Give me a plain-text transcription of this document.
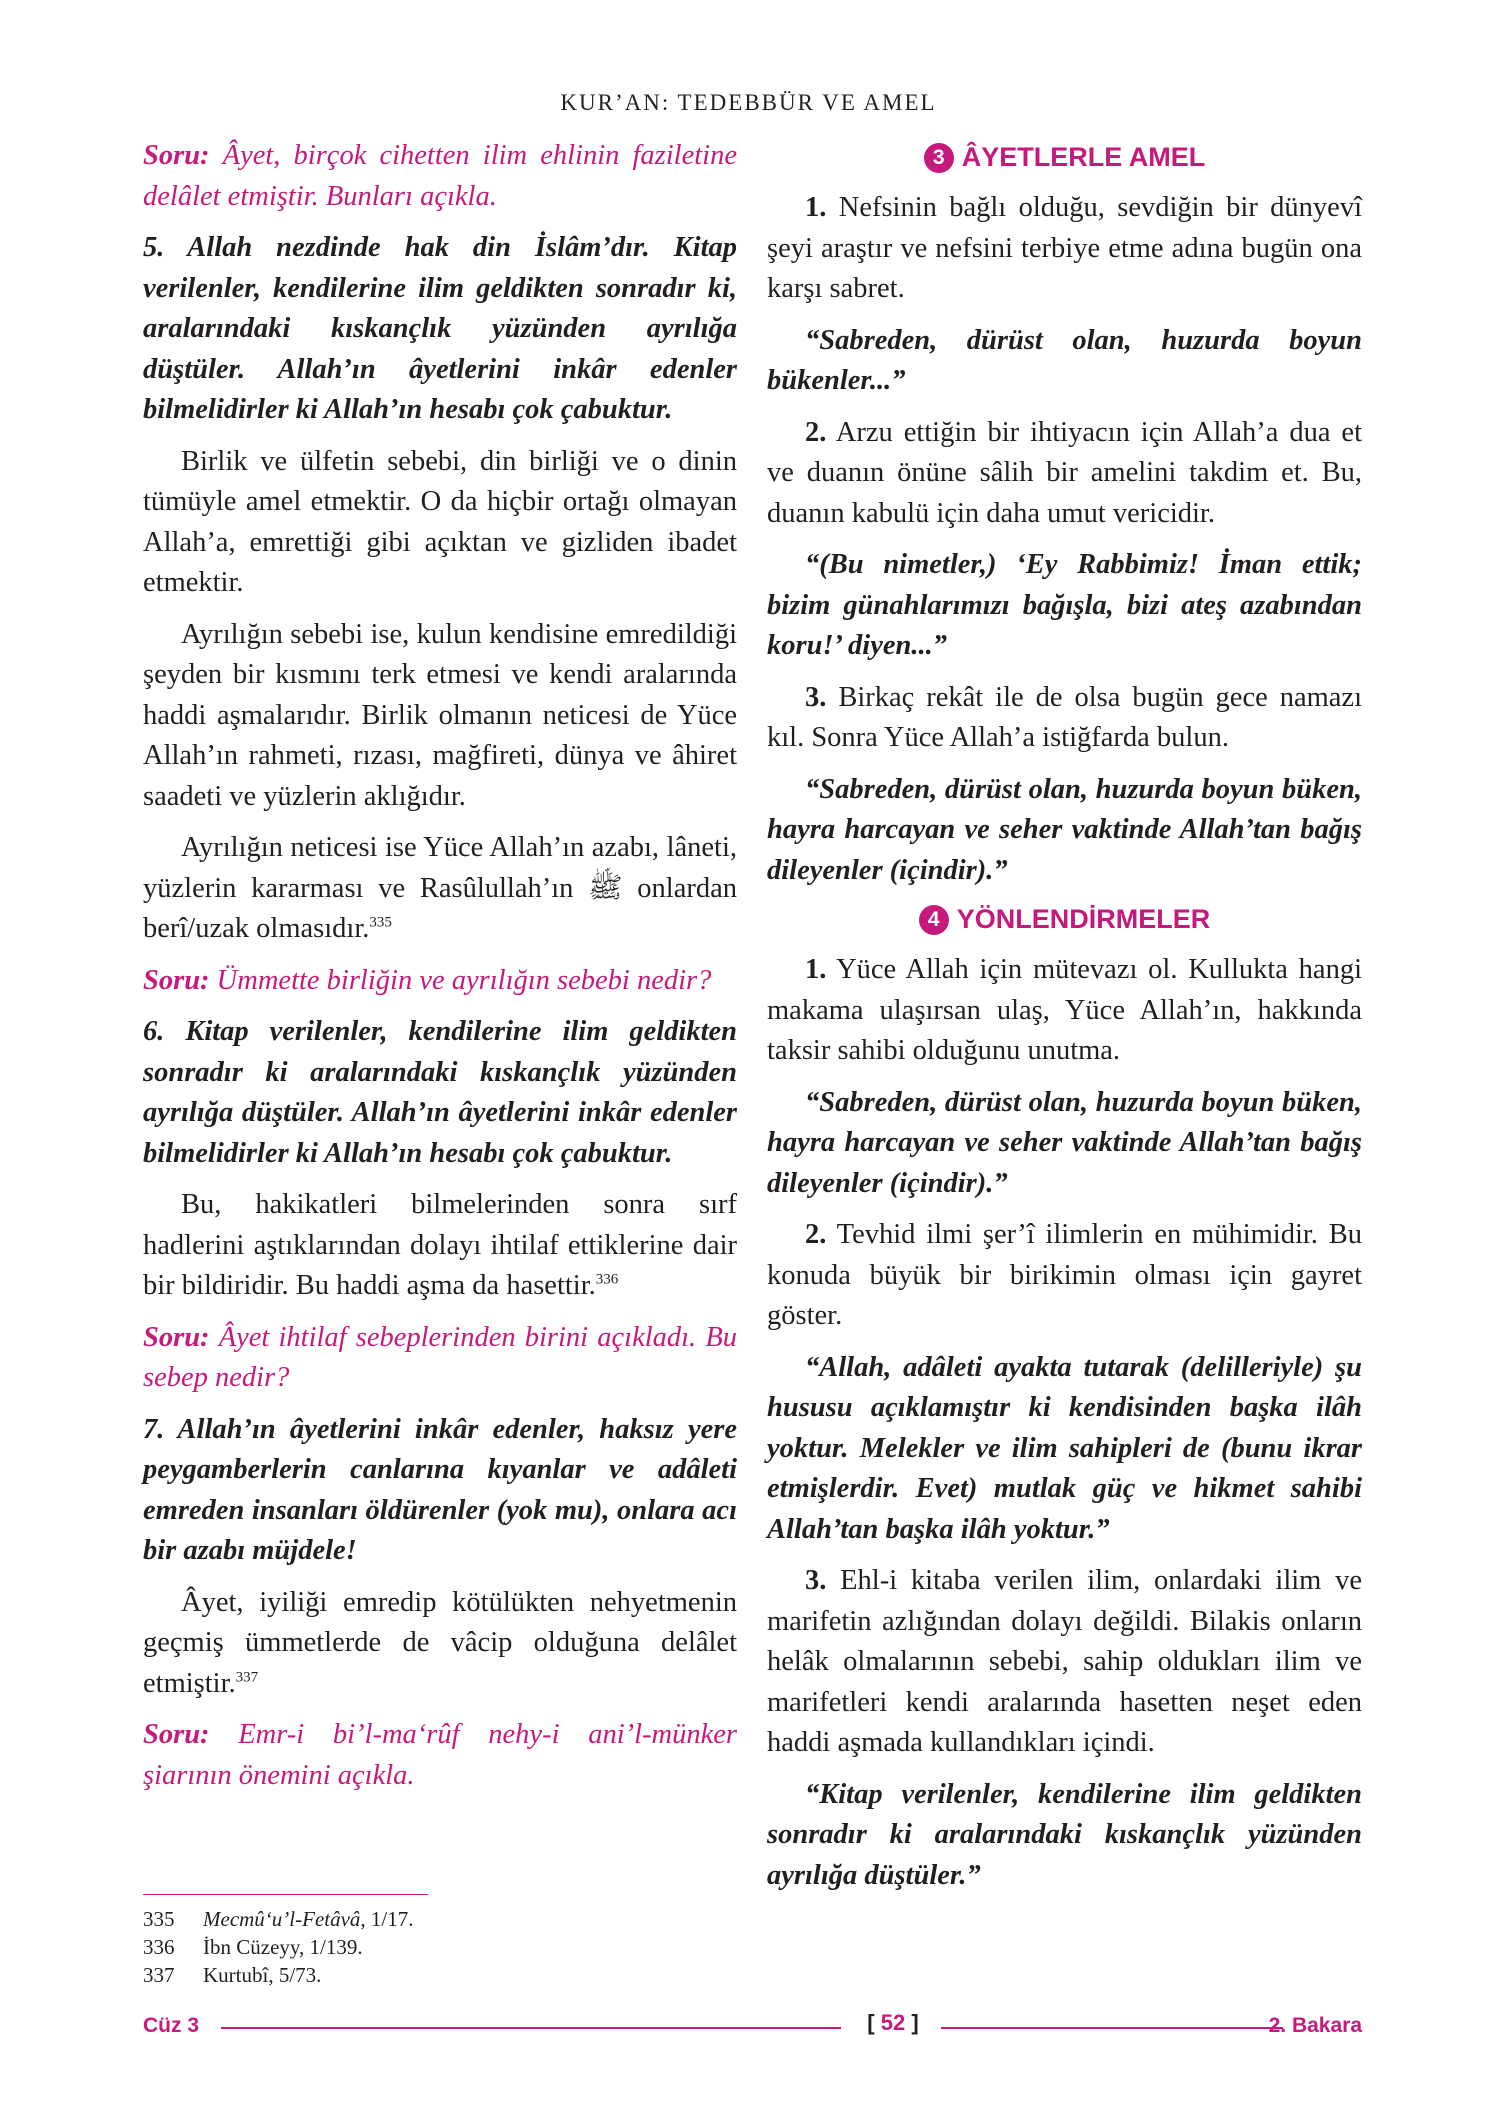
KUR’AN: TEDEBBÜR VE AMEL

Soru: Âyet, birçok cihetten ilim ehlinin faziletine delâlet etmiştir. Bunları açıkla.

5. Allah nezdinde hak din İslâm’dır. Kitap verilenler, kendilerine ilim geldikten sonradır ki, aralarındaki kıskançlık yüzünden ayrılığa düştüler. Allah’ın âyetlerini inkâr edenler bilmelidirler ki Allah’ın hesabı çok çabuktur.

Birlik ve ülfetin sebebi, din birliği ve o dinin tümüyle amel etmektir. O da hiçbir ortağı olmayan Allah’a, emrettiği gibi açıktan ve gizliden ibadet etmektir.

Ayrılığın sebebi ise, kulun kendisine emredildiği şeyden bir kısmını terk etmesi ve kendi aralarında haddi aşmalarıdır. Birlik olmanın neticesi de Yüce Allah’ın rahmeti, rızası, mağfireti, dünya ve âhiret saadeti ve yüzlerin aklığıdır.

Ayrılığın neticesi ise Yüce Allah’ın azabı, lâneti, yüzlerin kararması ve Rasûlullah’ın ﷺ onlardan berî/uzak olmasıdır.$^{335}$

Soru: Ümmette birliğin ve ayrılığın sebebi nedir?

6. Kitap verilenler, kendilerine ilim geldikten sonradır ki aralarındaki kıskançlık yüzünden ayrılığa düştüler. Allah’ın âyetlerini inkâr edenler bilmelidirler ki Allah’ın hesabı çok çabuktur.

Bu, hakikatleri bilmelerinden sonra sırf hadlerini aştıklarından dolayı ihtilaf ettiklerine dair bir bildiridir. Bu haddi aşma da hasettir.$^{336}$

Soru: Âyet ihtilaf sebeplerinden birini açıkladı. Bu sebep nedir?

7. Allah’ın âyetlerini inkâr edenler, haksız yere peygamberlerin canlarına kıyanlar ve adâleti emreden insanları öldürenler (yok mu), onlara acı bir azabı müjdele!

Âyet, iyiliği emredip kötülükten nehyetmenin geçmiş ümmetlerde de vâcip olduğuna delâlet etmiştir.$^{337}$

Soru: Emr-i bi’l-ma‘rûf nehy-i ani’l-münker şiarının önemini açıkla.

3 ÂYETLERLE AMEL

1. Nefsinin bağlı olduğu, sevdiğin bir dünyevî şeyi araştır ve nefsini terbiye etme adına bugün ona karşı sabret.

“Sabreden, dürüst olan, huzurda boyun bükenler...”

2. Arzu ettiğin bir ihtiyacın için Allah’a dua et ve duanın önüne sâlih bir amelini takdim et. Bu, duanın kabulü için daha umut vericidir.

“(Bu nimetler,) ‘Ey Rabbimiz! İman ettik; bizim günahlarımızı bağışla, bizi ateş azabından koru!’ diyen...”

3. Birkaç rekât ile de olsa bugün gece namazı kıl. Sonra Yüce Allah’a istiğfarda bulun.

“Sabreden, dürüst olan, huzurda boyun büken, hayra harcayan ve seher vaktinde Allah’tan bağış dileyenler (içindir).”

4 YÖNLENDİRMELER

1. Yüce Allah için mütevazı ol. Kullukta hangi makama ulaşırsan ulaş, Yüce Allah’ın, hakkında taksir sahibi olduğunu unutma.

“Sabreden, dürüst olan, huzurda boyun büken, hayra harcayan ve seher vaktinde Allah’tan bağış dileyenler (içindir).”

2. Tevhid ilmi şer’î ilimlerin en mühimidir. Bu konuda büyük bir birikimin olması için gayret göster.

“Allah, adâleti ayakta tutarak (delilleriyle) şu hususu açıklamıştır ki kendisinden başka ilâh yoktur. Melekler ve ilim sahipleri de (bunu ikrar etmişlerdir. Evet) mutlak güç ve hikmet sahibi Allah’tan başka ilâh yoktur.”

3. Ehl-i kitaba verilen ilim, onlardaki ilim ve marifetin azlığından dolayı değildi. Bilakis onların helâk olmalarının sebebi, sahip oldukları ilim ve marifetleri kendi aralarında hasetten neşet eden haddi aşmada kullandıkları içindi.

“Kitap verilenler, kendilerine ilim geldikten sonradır ki aralarındaki kıskançlık yüzünden ayrılığa düştüler.”

335 Mecmû‘u’l-Fetâvâ, 1/17.
336 İbn Cüzeyy, 1/139.
337 Kurtubî, 5/73.
Cüz 3	[ 52 ]	2. Bakara
